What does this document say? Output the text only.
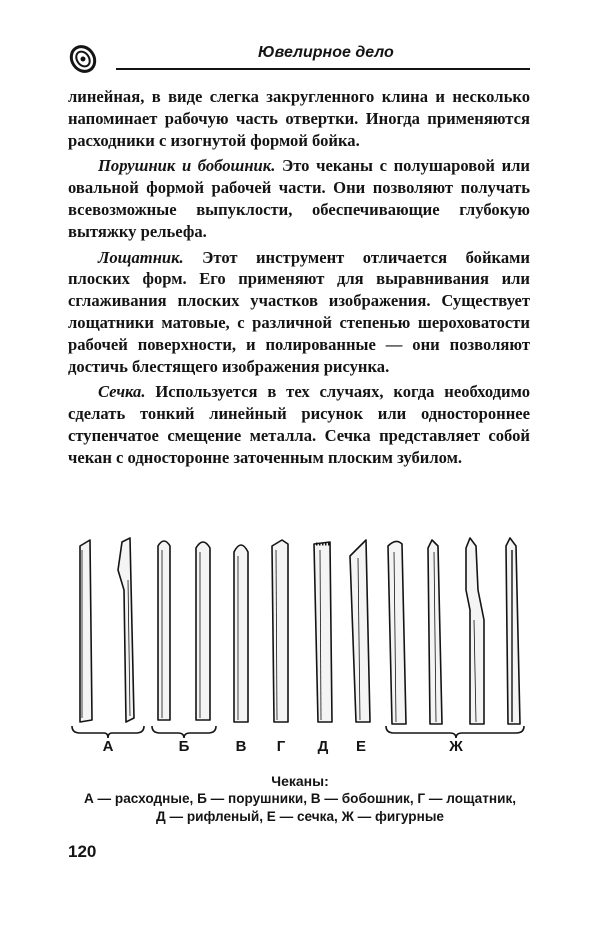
Ювелирное дело

линейная, в виде слегка закругленного клина и несколько напоминает рабочую часть отвертки. Иногда применяются расходники с изогнутой формой бойка.

Порушник и бобошник. Это чеканы с полушаровой или овальной формой рабочей части. Они позволяют получать всевозможные выпуклости, обеспечивающие глубокую вытяжку рельефа.

Лощатник. Этот инструмент отличается бойками плоских форм. Его применяют для выравнивания или сглаживания плоских участков изображения. Существует лощатники матовые, с различной степенью шероховатости рабочей поверхности, и полированные — они позволяют достичь блестящего изображения рисунка.

Сечка. Используется в тех случаях, когда необходимо сделать тонкий линейный рисунок или одностороннее ступенчатое смещение металла. Сечка представляет собой чекан с односторонне заточенным плоским зубилом.

А	Б	В Г Д Е	Ж
Чеканы:
А — расходные, Б — порушники, В — бобошник, Г — лощатник,
Д — рифленый, Е — сечка, Ж — фигурные
120
